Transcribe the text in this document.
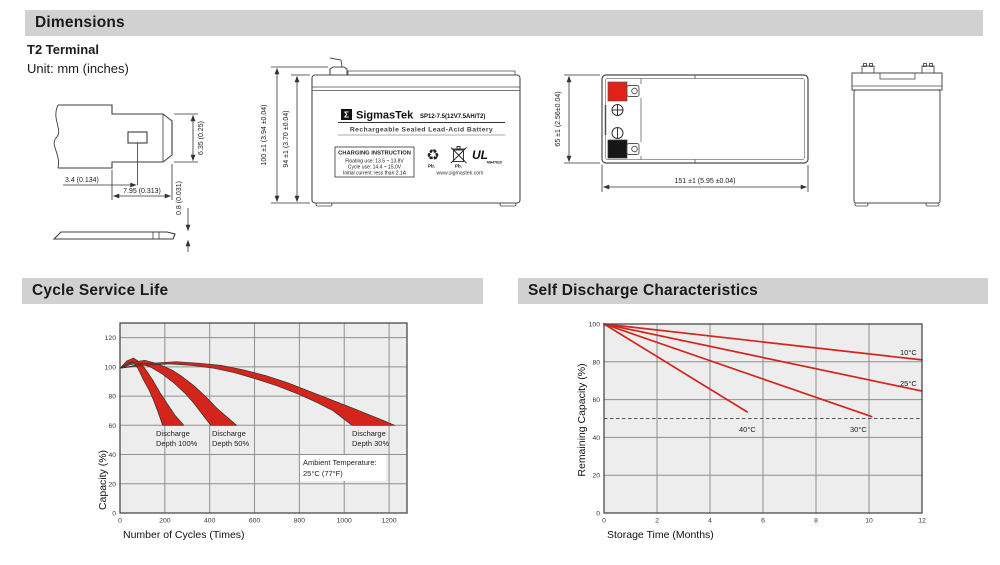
Dimensions
T2 Terminal
Unit: mm (inches)
3.4 (0.134)
7.95 (0.313)
6.35 (0.25)
0.8 (0.031)
Σ SigmasTek SP12-7.5(12V7.5AH/T2)
Rechargeable Sealed Lead-Acid Battery
CHARGING INSTRUCTION
Floating use: 13.5 ~ 13.8V
Cycle use: 14.4 ~ 15.0V
Initial current: less than 2.1A
♻
Pb.	Pb.
UL
MH47629
www.sigmastek.com
100 ±1 (3.94 ±0.04) 94 ±1 (3.70 ±0.04)	65 ±1 (2.56±0.04)
151 ±1 (5.95 ±0.04)
Cycle Service Life	Self Discharge Characteristics
0
20
40
60
80
100
120
0	200	400	600	800	1000	1200
Discharge
Depth 100%
Discharge
Depth 50%
Discharge
Depth 30%
Ambient Temperature:
25°C (77°F)
Capacity (%)
Number of Cycles (Times)
0
20
40
60
80
100
0	2	4	6	8	10	12
10°C
25°C
30°C
40°C
Remaining Capacity (%)
Storage Time (Months)
